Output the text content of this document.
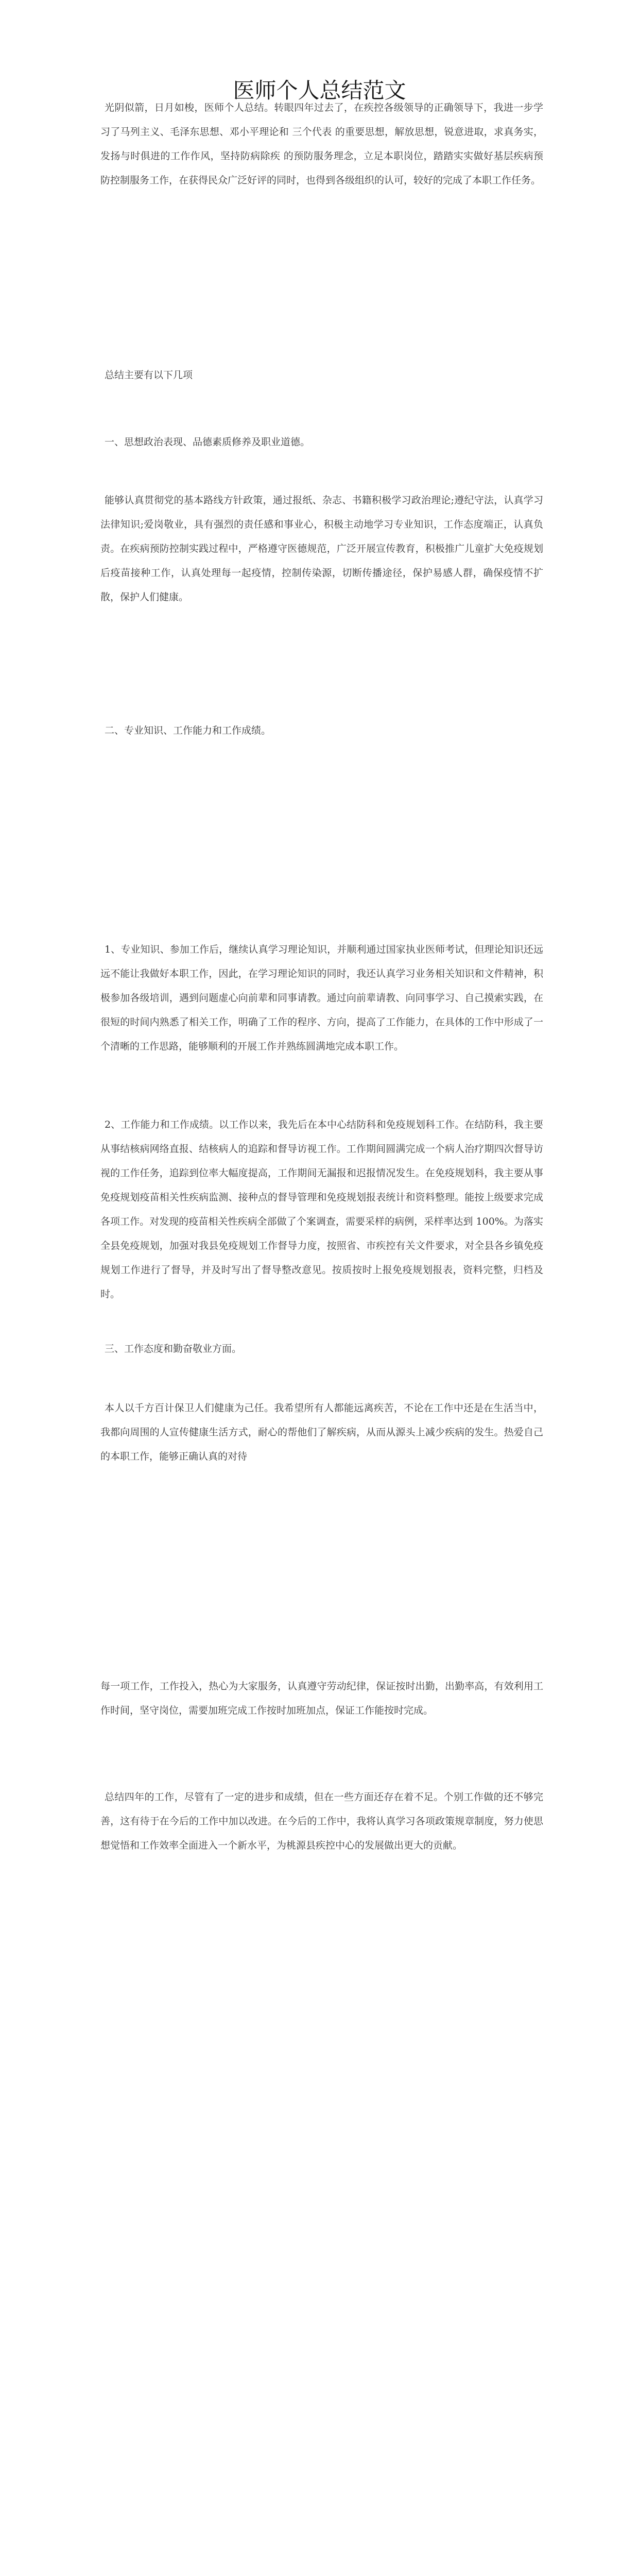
医师个人总结范文

光阴似箭，日月如梭，医师个人总结。转眼四年过去了，在疾控各级领导的正确领导下，我进一步学习了马列主义、毛泽东思想、邓小平理论和 三个代表 的重要思想，解放思想，锐意进取，求真务实，发扬与时俱进的工作作风，坚持防病除疾 的预防服务理念，立足本职岗位，踏踏实实做好基层疾病预防控制服务工作，在获得民众广泛好评的同时，也得到各级组织的认可，较好的完成了本职工作任务。

总结主要有以下几项

一、思想政治表现、品德素质修养及职业道德。

能够认真贯彻党的基本路线方针政策，通过报纸、杂志、书籍积极学习政治理论;遵纪守法，认真学习法律知识;爱岗敬业，具有强烈的责任感和事业心，积极主动地学习专业知识，工作态度端正，认真负责。在疾病预防控制实践过程中，严格遵守医德规范，广泛开展宣传教育，积极推广儿童扩大免疫规划后疫苗接种工作，认真处理每一起疫情，控制传染源，切断传播途径，保护易感人群，确保疫情不扩散，保护人们健康。

二、专业知识、工作能力和工作成绩。

1、专业知识、参加工作后，继续认真学习理论知识，并顺利通过国家执业医师考试，但理论知识还远远不能让我做好本职工作，因此，在学习理论知识的同时，我还认真学习业务相关知识和文件精神，积极参加各级培训，遇到问题虚心向前辈和同事请教。通过向前辈请教、向同事学习、自己摸索实践，在很短的时间内熟悉了相关工作，明确了工作的程序、方向，提高了工作能力，在具体的工作中形成了一个清晰的工作思路，能够顺利的开展工作并熟练圆满地完成本职工作。

2、工作能力和工作成绩。以工作以来，我先后在本中心结防科和免疫规划科工作。在结防科，我主要从事结核病网络直报、结核病人的追踪和督导访视工作。工作期间圆满完成一个病人治疗期四次督导访视的工作任务，追踪到位率大幅度提高，工作期间无漏报和迟报情况发生。在免疫规划科，我主要从事免疫规划疫苗相关性疾病监测、接种点的督导管理和免疫规划报表统计和资料整理。能按上级要求完成各项工作。对发现的疫苗相关性疾病全部做了个案调查，需要采样的病例，采样率达到 100%。为落实全县免疫规划，加强对我县免疫规划工作督导力度，按照省、市疾控有关文件要求，对全县各乡镇免疫规划工作进行了督导，并及时写出了督导整改意见。按质按时上报免疫规划报表，资料完整，归档及时。

三、工作态度和勤奋敬业方面。

本人以千方百计保卫人们健康为己任。我希望所有人都能远离疾苦，不论在工作中还是在生活当中，我都向周围的人宣传健康生活方式，耐心的帮他们了解疾病，从而从源头上减少疾病的发生。热爱自己的本职工作，能够正确认真的对待

每一项工作，工作投入，热心为大家服务，认真遵守劳动纪律，保证按时出勤，出勤率高，有效利用工作时间，坚守岗位，需要加班完成工作按时加班加点，保证工作能按时完成。

总结四年的工作，尽管有了一定的进步和成绩，但在一些方面还存在着不足。个别工作做的还不够完善，这有待于在今后的工作中加以改进。在今后的工作中，我将认真学习各项政策规章制度，努力使思想觉悟和工作效率全面进入一个新水平，为桃源县疾控中心的发展做出更大的贡献。
